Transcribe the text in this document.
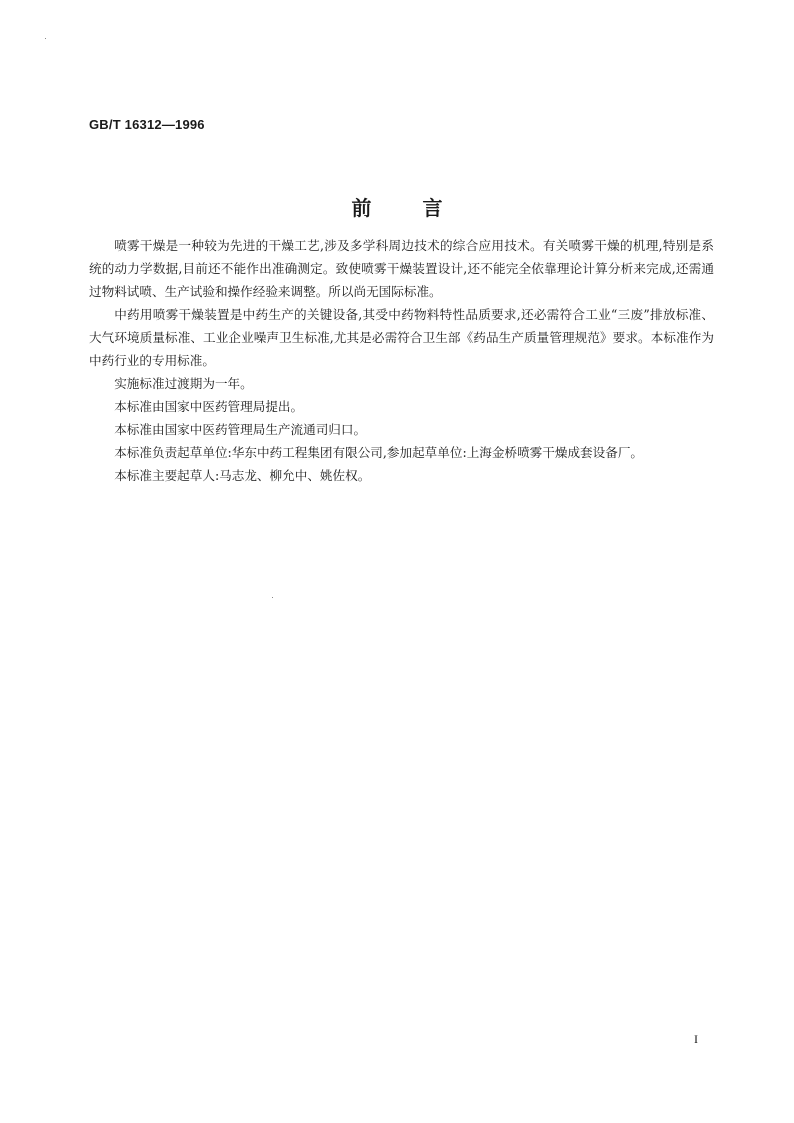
GB/T 16312—1996
前 言

喷雾干燥是一种较为先进的干燥工艺,涉及多学科周边技术的综合应用技术。有关喷雾干燥的机理,特别是系统的动力学数据,目前还不能作出准确测定。致使喷雾干燥装置设计,还不能完全依靠理论计算分析来完成,还需通过物料试喷、生产试验和操作经验来调整。所以尚无国际标准。

中药用喷雾干燥装置是中药生产的关键设备,其受中药物料特性品质要求,还必需符合工业“三废”排放标准、大气环境质量标准、工业企业噪声卫生标准,尤其是必需符合卫生部《药品生产质量管理规范》要求。本标准作为中药行业的专用标准。

实施标准过渡期为一年。

本标准由国家中医药管理局提出。

本标准由国家中医药管理局生产流通司归口。

本标准负责起草单位:华东中药工程集团有限公司,参加起草单位:上海金桥喷雾干燥成套设备厂。

本标准主要起草人:马志龙、柳允中、姚佐权。

I
